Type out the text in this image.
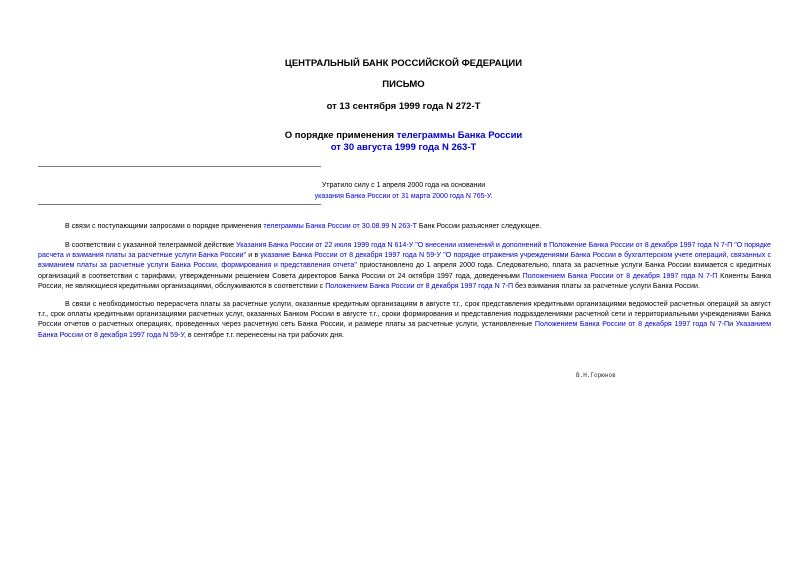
ЦЕНТРАЛЬНЫЙ БАНК РОССИЙСКОЙ ФЕДЕРАЦИИ
ПИСЬМО
от 13 сентября 1999 года N 272-Т
О порядке применения телеграммы Банка России
от 30 августа 1999 года N 263-Т
Утратило силу с 1 апреля 2000 года на основании
указания Банка России от 31 марта 2000 года N 765-У.
В связи с поступающими запросами о порядке применения телеграммы Банка России от 30.08.99 N 263-Т Банк России разъясняет следующее.
В соответствии с указанной телеграммой действие Указания Банка России от 22 июля 1999 года N 614-У "О внесении изменений и дополнений в Положение Банка России от 8 декабря 1997 года N 7-П "О порядке расчета и взимания платы за расчетные услуги Банка России" и в указание Банка России от 8 декабря 1997 года N 59-У "О порядке отражения учреждениями Банка России в бухгалтерском учете операций, связанных с взиманием платы за расчетные услуги Банка России, формирования и представления отчета" приостановлено до 1 апреля 2000 года. Следовательно, плата за расчетные услуги Банка России взимается с кредитных организаций в соответствии с тарифами, утвержденными решением Совета директоров Банка России от 24 октября 1997 года, доведенными Положением Банка России от 8 декабря 1997 года N 7-П Клиенты Банка России, не являющиеся кредитными организациями, обслуживаются в соответствии с Положением Банка России от 8 декабря 1997 года N 7-П без взимания платы за расчетные услуги Банка России.
В связи с необходимостью перерасчета платы за расчетные услуги, оказанные кредитным организациям в августе т.г., срок представления кредитными организациями ведомостей расчетных операций за август т.г., срок оплаты кредитными организациями расчетных услуг, оказанных Банком России в августе т.г., сроки формирования и представления подразделениями расчетной сети и территориальными учреждениями Банка России отчетов о расчетных операциях, проведенных через расчетную сеть Банка России, и размере платы за расчетные услуги, установленные Положением Банка России от 8 декабря 1997 года N 7-Пи Указанием Банка России от 8 декабря 1997 года N 59-У, в сентябре т.г. перенесены на три рабочих дня.
В.Н.Горюнов
